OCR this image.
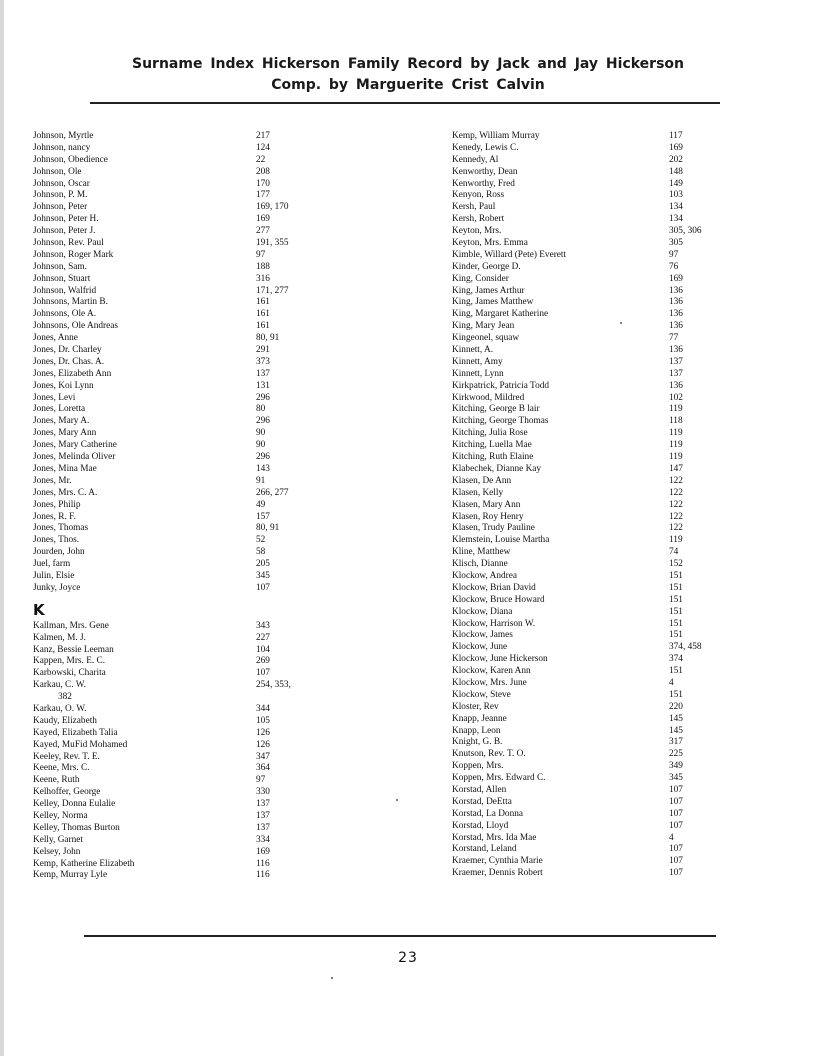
Surname Index Hickerson Family Record by Jack and Jay Hickerson
Comp. by Marguerite Crist Calvin
Johnson, Myrtle	217
Johnson, nancy	124
Johnson, Obedience	22
Johnson, Ole	208
Johnson, Oscar	170
Johnson, P. M.	177
Johnson, Peter	169, 170
Johnson, Peter H.	169
Johnson, Peter J.	277
Johnson, Rev. Paul	191, 355
Johnson, Roger Mark	97
Johnson, Sam.	188
Johnson, Stuart	316
Johnson, Walfrid	171, 277
Johnsons, Martin B.	161
Johnsons, Ole A.	161
Johnsons, Ole Andreas	161
Jones, Anne	80, 91
Jones, Dr. Charley	291
Jones, Dr. Chas. A.	373
Jones, Elizabeth Ann	137
Jones, Koi Lynn	131
Jones, Levi	296
Jones, Loretta	80
Jones, Mary A.	296
Jones, Mary Ann	90
Jones, Mary Catherine	90
Jones, Melinda Oliver	296
Jones, Mina Mae	143
Jones, Mr.	91
Jones, Mrs. C. A.	266, 277
Jones, Philip	49
Jones, R. F.	157
Jones, Thomas	80, 91
Jones, Thos.	52
Jourden, John	58
Juel, farm	205
Julin, Elsie	345
Junky, Joyce	107
K
Kallman, Mrs. Gene	343
Kalmen, M. J.	227
Kanz, Bessie Leeman	104
Kappen, Mrs. E. C.	269
Karbowski, Charita	107
Karkau, C. W.	254, 353,
382
Karkau, O. W.	344
Kaudy, Elizabeth	105
Kayed, Elizabeth Talia	126
Kayed, MuFid Mohamed	126
Keeley, Rev. T. E.	347
Keene, Mrs. C.	364
Keene, Ruth	97
Kelhoffer, George	330
Kelley, Donna Eulalie	137
Kelley, Norma	137
Kelley, Thomas Burton	137
Kelly, Garnet	334
Kelsey, John	169
Kemp, Katherine Elizabeth	116
Kemp, Murray Lyle	116
Kemp, William Murray	117
Kenedy, Lewis C.	169
Kennedy, Al	202
Kenworthy, Dean	148
Kenworthy, Fred	149
Kenyon, Ross	103
Kersh, Paul	134
Kersh, Robert	134
Keyton, Mrs.	305, 306
Keyton, Mrs. Emma	305
Kimble, Willard (Pete) Everett	97
Kinder, George D.	76
King, Consider	169
King, James Arthur	136
King, James Matthew	136
King, Margaret Katherine	136
King, Mary Jean	136
Kingeonel, squaw	77
Kinnett, A.	136
Kinnett, Amy	137
Kinnett, Lynn	137
Kirkpatrick, Patricia Todd	136
Kirkwood, Mildred	102
Kitching, George B lair	119
Kitching, George Thomas	118
Kitching, Julia Rose	119
Kitching, Luella Mae	119
Kitching, Ruth Elaine	119
Klabechek, Dianne Kay	147
Klasen, De Ann	122
Klasen, Kelly	122
Klasen, Mary Ann	122
Klasen, Roy Henry	122
Klasen, Trudy Pauline	122
Klemstein, Louise Martha	119
Kline, Matthew	74
Klisch, Dianne	152
Klockow, Andrea	151
Klockow, Brian David	151
Klockow, Bruce Howard	151
Klockow, Diana	151
Klockow, Harrison W.	151
Klockow, James	151
Klockow, June	374, 458
Klockow, June Hickerson	374
Klockow, Karen Ann	151
Klockow, Mrs. June	4
Klockow, Steve	151
Kloster, Rev	220
Knapp, Jeanne	145
Knapp, Leon	145
Knight, G. B.	317
Knutson, Rev. T. O.	225
Koppen, Mrs.	349
Koppen, Mrs. Edward C.	345
Korstad, Allen	107
Korstad, DeEtta	107
Korstad, La Donna	107
Korstad, Lloyd	107
Korstad, Mrs. Ida Mae	4
Korstand, Leland	107
Kraemer, Cynthia Marie	107
Kraemer, Dennis Robert	107
23
